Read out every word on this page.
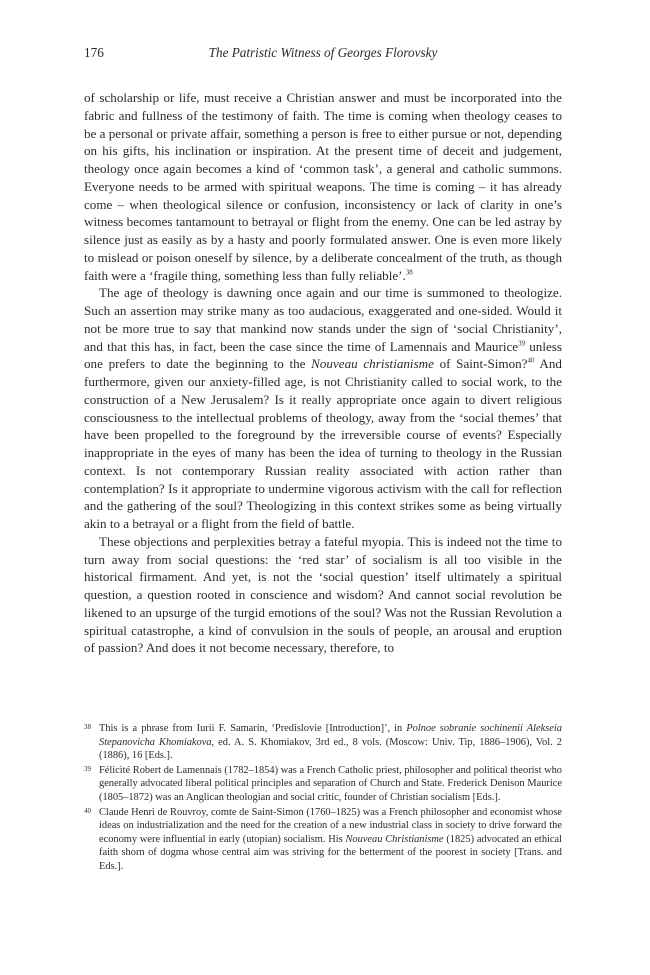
176	The Patristic Witness of Georges Florovsky

of scholarship or life, must receive a Christian answer and must be incorporated into the fabric and fullness of the testimony of faith. The time is coming when theology ceases to be a personal or private affair, something a person is free to either pursue or not, depending on his gifts, his inclination or inspiration. At the present time of deceit and judgement, theology once again becomes a kind of ‘common task’, a general and catholic summons. Everyone needs to be armed with spiritual weapons. The time is coming – it has already come – when theological silence or confusion, inconsistency or lack of clarity in one’s witness becomes tantamount to betrayal or flight from the enemy. One can be led astray by silence just as easily as by a hasty and poorly formulated answer. One is even more likely to mislead or poison oneself by silence, by a deliberate concealment of the truth, as though faith were a ‘fragile thing, something less than fully reliable’.$^{38}$

The age of theology is dawning once again and our time is summoned to theologize. Such an assertion may strike many as too audacious, exaggerated and one-sided. Would it not be more true to say that mankind now stands under the sign of ‘social Christianity’, and that this has, in fact, been the case since the time of Lamennais and Maurice$^{39}$ unless one prefers to date the beginning to the Nouveau christianisme of Saint-Simon?$^{40}$ And furthermore, given our anxiety-filled age, is not Christianity called to social work, to the construction of a New Jerusalem? Is it really appropriate once again to divert religious consciousness to the intellectual problems of theology, away from the ‘social themes’ that have been propelled to the foreground by the irreversible course of events? Especially inappropriate in the eyes of many has been the idea of turning to theology in the Russian context. Is not contemporary Russian reality associated with action rather than contemplation? Is it appropriate to undermine vigorous activism with the call for reflection and the gathering of the soul? Theologizing in this context strikes some as being virtually akin to a betrayal or a flight from the field of battle.

These objections and perplexities betray a fateful myopia. This is indeed not the time to turn away from social questions: the ‘red star’ of socialism is all too visible in the historical firmament. And yet, is not the ‘social question’ itself ultimately a spiritual question, a question rooted in conscience and wisdom? And cannot social revolution be likened to an upsurge of the turgid emotions of the soul? Was not the Russian Revolution a spiritual catastrophe, a kind of convulsion in the souls of people, an arousal and eruption of passion? And does it not become necessary, therefore, to

38 This is a phrase from Iurii F. Samarin, ‘Predislovie [Introduction]’, in Polnoe sobranie sochinenii Alekseia Stepanovicha Khomiakova, ed. A. S. Khomiakov, 3rd ed., 8 vols. (Moscow: Univ. Tip, 1886–1906), Vol. 2 (1886), 16 [Eds.].
39 Félicité Robert de Lamennais (1782–1854) was a French Catholic priest, philosopher and political theorist who generally advocated liberal political principles and separation of Church and State. Frederick Denison Maurice (1805–1872) was an Anglican theologian and social critic, founder of Christian socialism [Eds.].
40 Claude Henri de Rouvroy, comte de Saint-Simon (1760–1825) was a French philosopher and economist whose ideas on industrialization and the need for the creation of a new industrial class in society to drive forward the economy were influential in early (utopian) socialism. His Nouveau Christianisme (1825) advocated an ethical faith shorn of dogma whose central aim was striving for the betterment of the poorest in society [Trans. and Eds.].
